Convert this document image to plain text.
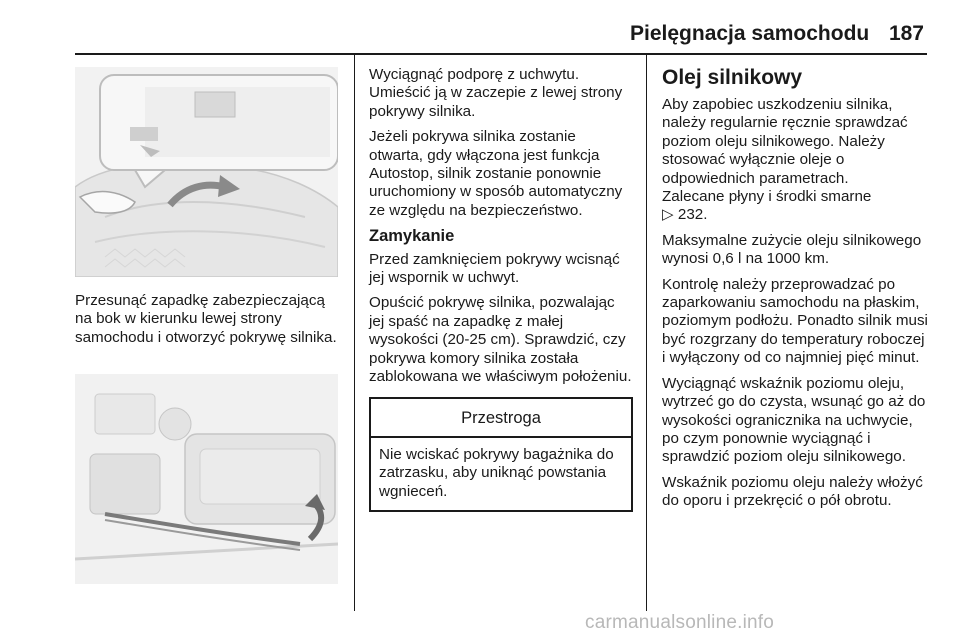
Pielęgnacja samochodu 187

Przesunąć zapadkę zabezpieczającą na bok w kierunku lewej strony samochodu i otworzyć pokrywę silnika.

Wyciągnąć podporę z uchwytu. Umieścić ją w zaczepie z lewej strony pokrywy silnika.

Jeżeli pokrywa silnika zostanie otwarta, gdy włączona jest funkcja Autostop, silnik zostanie ponownie uruchomiony w sposób automatyczny ze względu na bezpieczeństwo.

Zamykanie

Przed zamknięciem pokrywy wcisnąć jej wspornik w uchwyt.

Opuścić pokrywę silnika, pozwalając jej spaść na zapadkę z małej wysokości (20-25 cm). Sprawdzić, czy pokrywa komory silnika została zablokowana we właściwym położeniu.

Przestroga
Nie wciskać pokrywy bagażnika do zatrzasku, aby uniknąć powstania wgnieceń.
Olej silnikowy

Aby zapobiec uszkodzeniu silnika, należy regularnie ręcznie sprawdzać poziom oleju silnikowego. Należy stosować wyłącznie oleje o odpowiednich parametrach.

Zalecane płyny i środki smarne

▷ 232.

Maksymalne zużycie oleju silnikowego wynosi 0,6 l na 1000 km.

Kontrolę należy przeprowadzać po zaparkowaniu samochodu na płaskim, poziomym podłożu. Ponadto silnik musi być rozgrzany do temperatury roboczej i wyłączony od co najmniej pięć minut.

Wyciągnąć wskaźnik poziomu oleju, wytrzeć go do czysta, wsunąć go aż do wysokości ogranicznika na uchwycie, po czym ponownie wyciągnąć i sprawdzić poziom oleju silnikowego.

Wskaźnik poziomu oleju należy włożyć do oporu i przekręcić o pół obrotu.

carmanualsonline.info
